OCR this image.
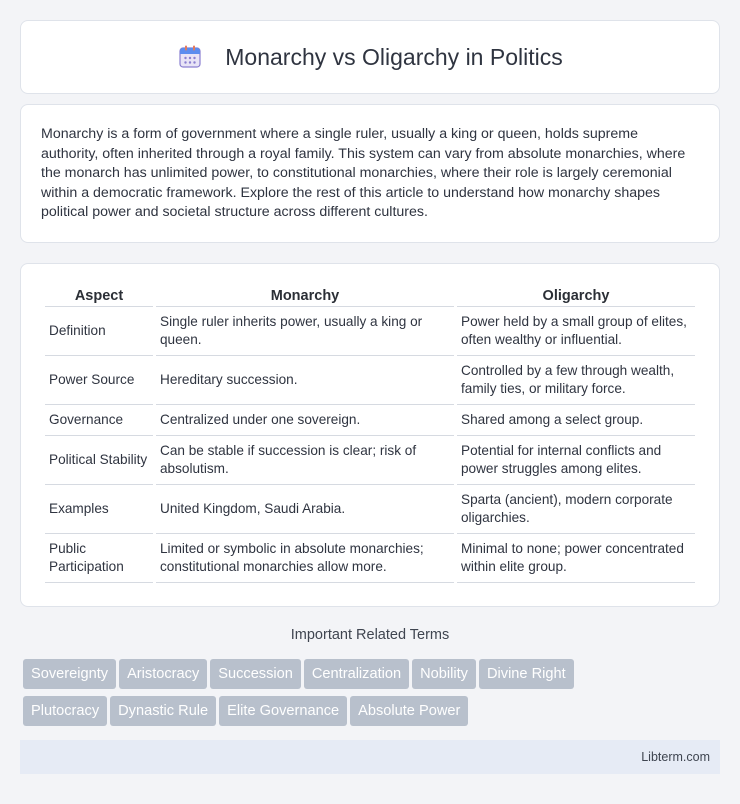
Monarchy vs Oligarchy in Politics

Monarchy is a form of government where a single ruler, usually a king or queen, holds supreme authority, often inherited through a royal family. This system can vary from absolute monarchies, where the monarch has unlimited power, to constitutional monarchies, where their role is largely ceremonial within a democratic framework. Explore the rest of this article to understand how monarchy shapes political power and societal structure across different cultures.

Aspect	Monarchy	Oligarchy
Definition	Single ruler inherits power, usually a king or queen.	Power held by a small group of elites, often wealthy or influential.
Power Source	Hereditary succession.	Controlled by a few through wealth, family ties, or military force.
Governance	Centralized under one sovereign.	Shared among a select group.
Political Stability	Can be stable if succession is clear; risk of absolutism.	Potential for internal conflicts and power struggles among elites.
Examples	United Kingdom, Saudi Arabia.	Sparta (ancient), modern corporate oligarchies.
Public Participation	Limited or symbolic in absolute monarchies; constitutional monarchies allow more.	Minimal to none; power concentrated within elite group.
Important Related Terms
Sovereignty	Aristocracy	Succession	Centralization	Nobility	Divine Right
Plutocracy	Dynastic Rule	Elite Governance	Absolute Power
Libterm.com
